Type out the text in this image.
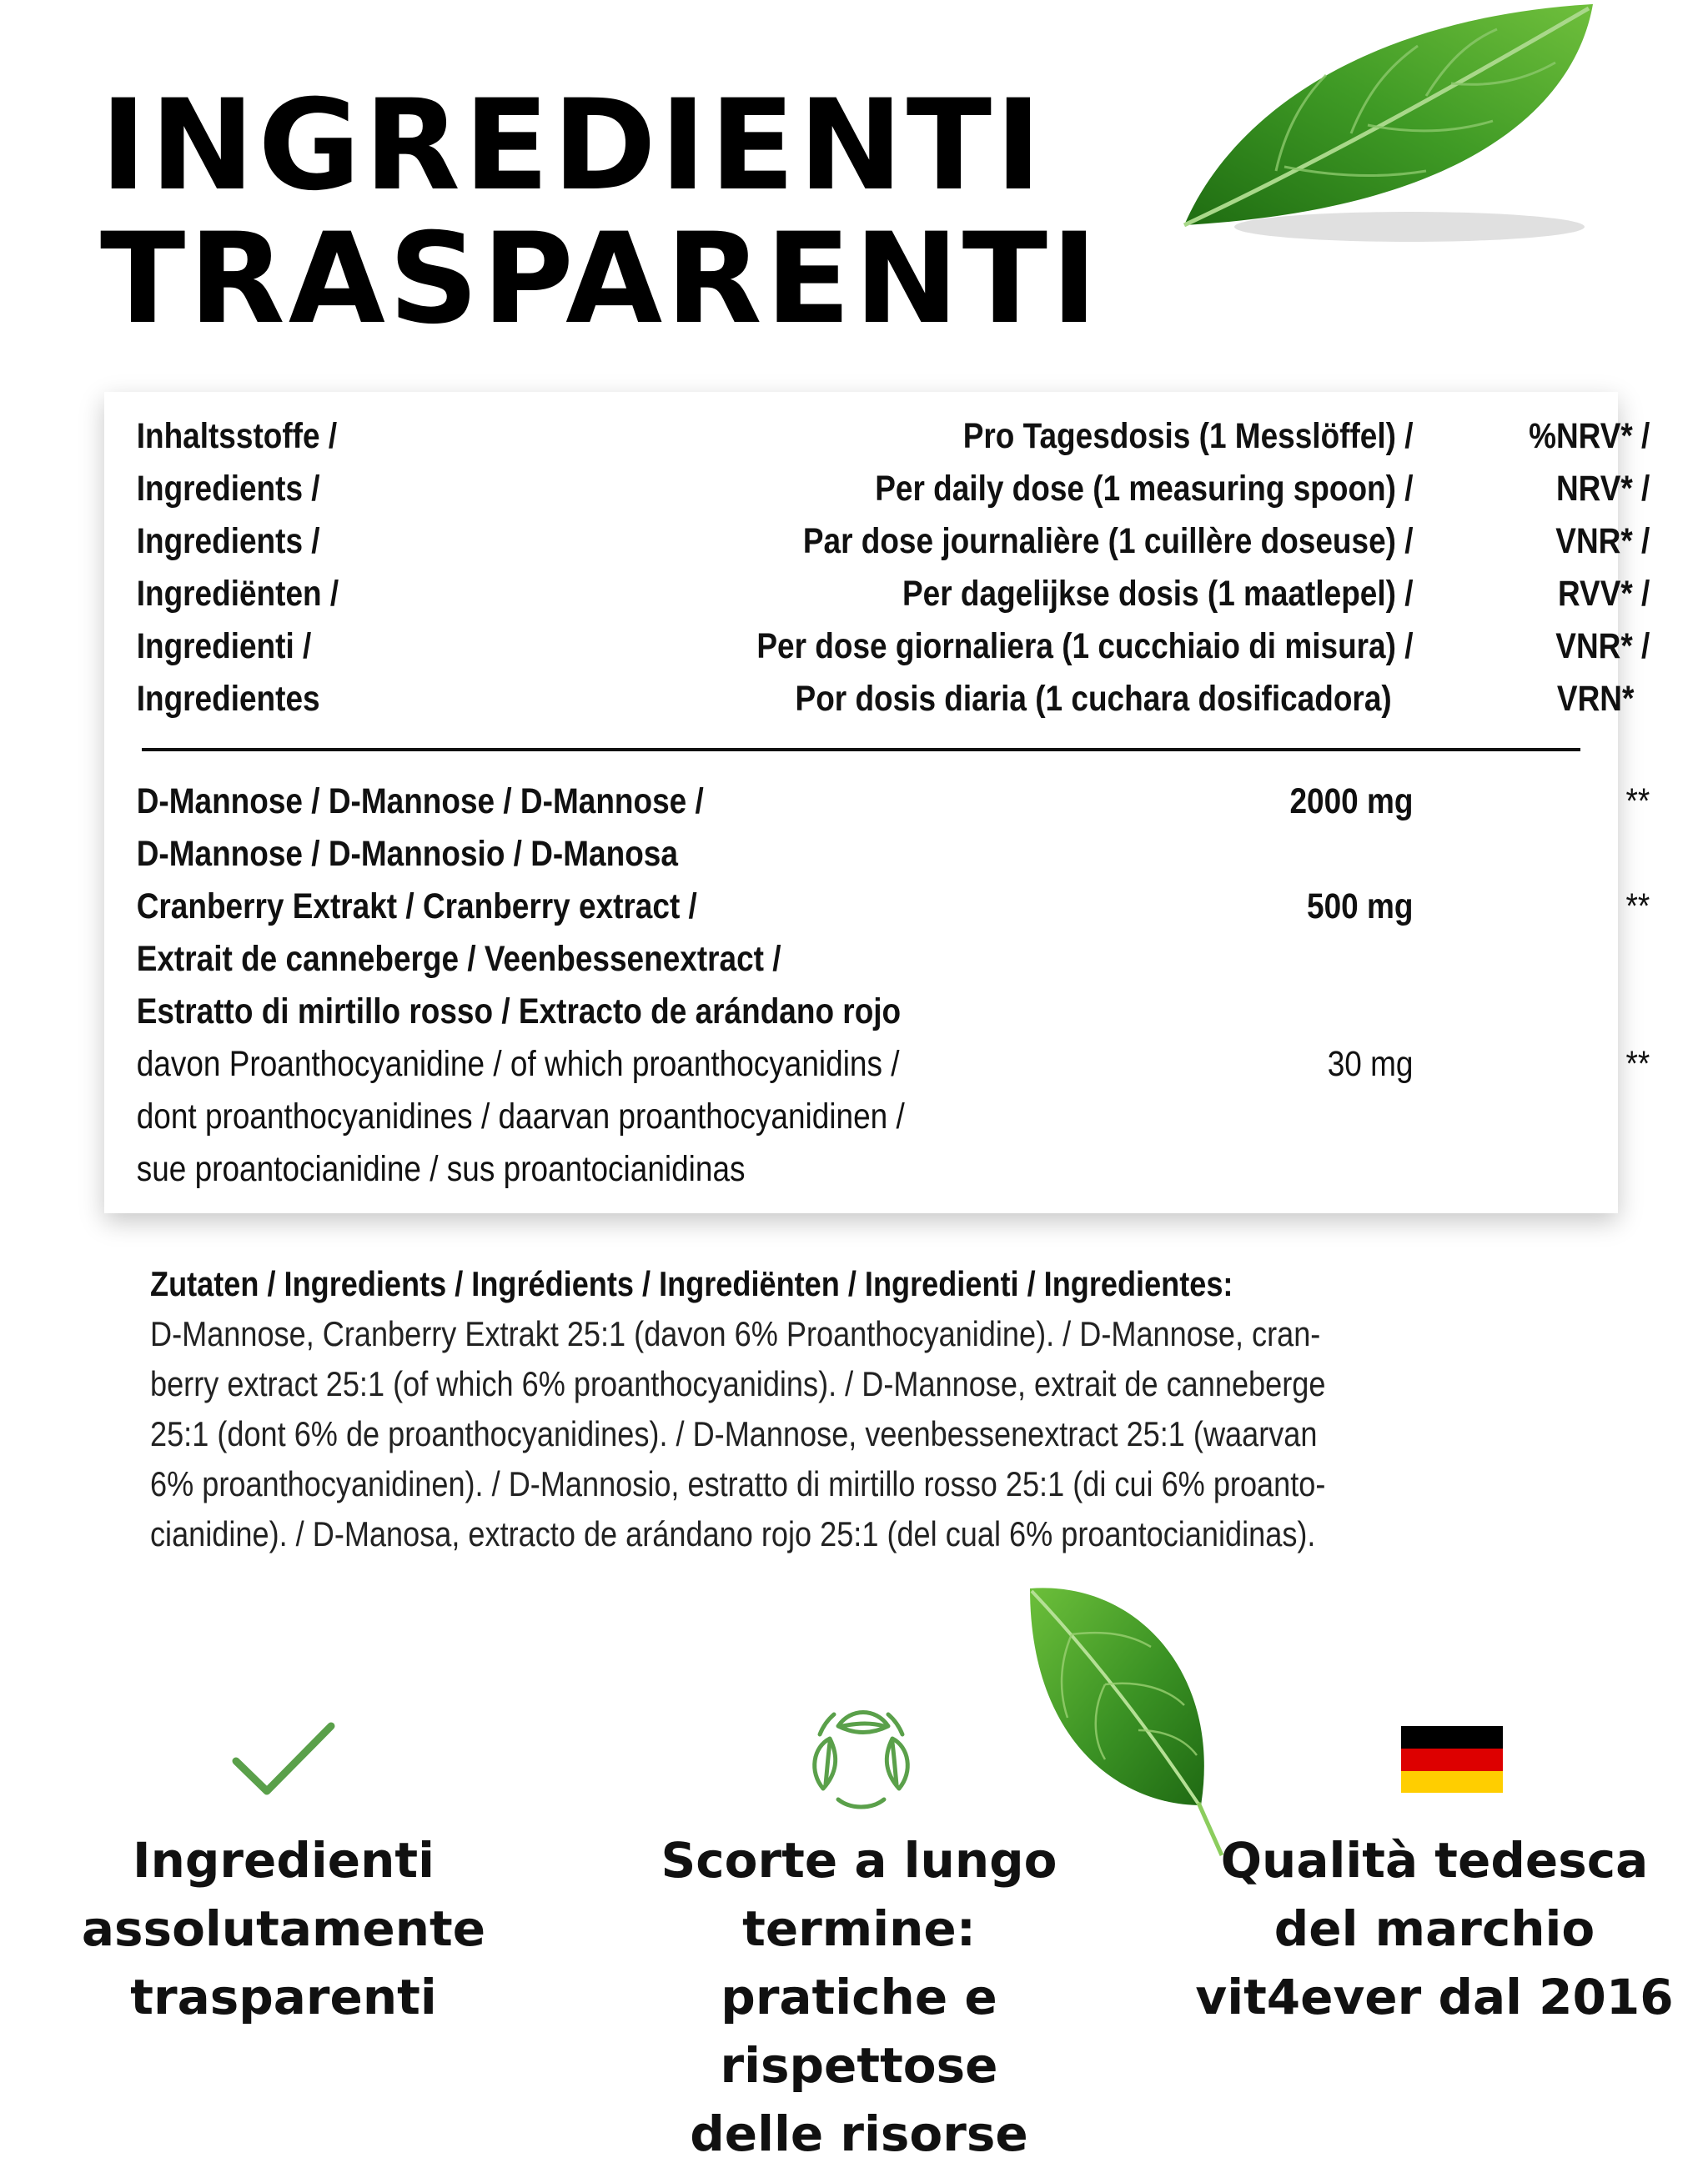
INGREDIENTI
TRASPARENTI
Inhaltsstoffe /	Pro Tagesdosis (1 Messlöffel) /	%NRV* /
Ingredients /	Per daily dose (1 measuring spoon) /	NRV* /
Ingredients /	Par dose journalière (1 cuillère doseuse) /	VNR* /
Ingrediënten /	Per dagelijkse dosis (1 maatlepel) /	RVV* /
Ingredienti /	Per dose giornaliera (1 cucchiaio di misura) /	VNR* /
Ingredientes	Por dosis diaria (1 cuchara dosificadora)	VRN*
D-Mannose / D-Mannose / D-Mannose /	2000 mg	**
D-Mannose / D-Mannosio / D-Manosa
Cranberry Extrakt / Cranberry extract /	500 mg	**
Extrait de canneberge / Veenbessenextract /
Estratto di mirtillo rosso / Extracto de arándano rojo
davon Proanthocyanidine / of which proanthocyanidins /	30 mg	**
dont proanthocyanidines / daarvan proanthocyanidinen /
sue proantocianidine / sus proantocianidinas
Zutaten / Ingredients / Ingrédients / Ingrediënten / Ingredienti / Ingredientes:
D-Mannose, Cranberry Extrakt 25:1 (davon 6% Proanthocyanidine). / D-Mannose, cran-
berry extract 25:1 (of which 6% proanthocyanidins). / D-Mannose, extrait de canneberge
25:1 (dont 6% de proanthocyanidines). / D-Mannose, veenbessenextract 25:1 (waarvan
6% proanthocyanidinen). / D-Mannosio, estratto di mirtillo rosso 25:1 (di cui 6% proanto-
cianidine). / D-Manosa, extracto de arándano rojo 25:1 (del cual 6% proantocianidinas).
Ingredienti
assolutamente
trasparenti
Scorte a lungo termine:
pratiche e rispettose
delle risorse
Qualità tedesca
del marchio
vit4ever dal 2016
